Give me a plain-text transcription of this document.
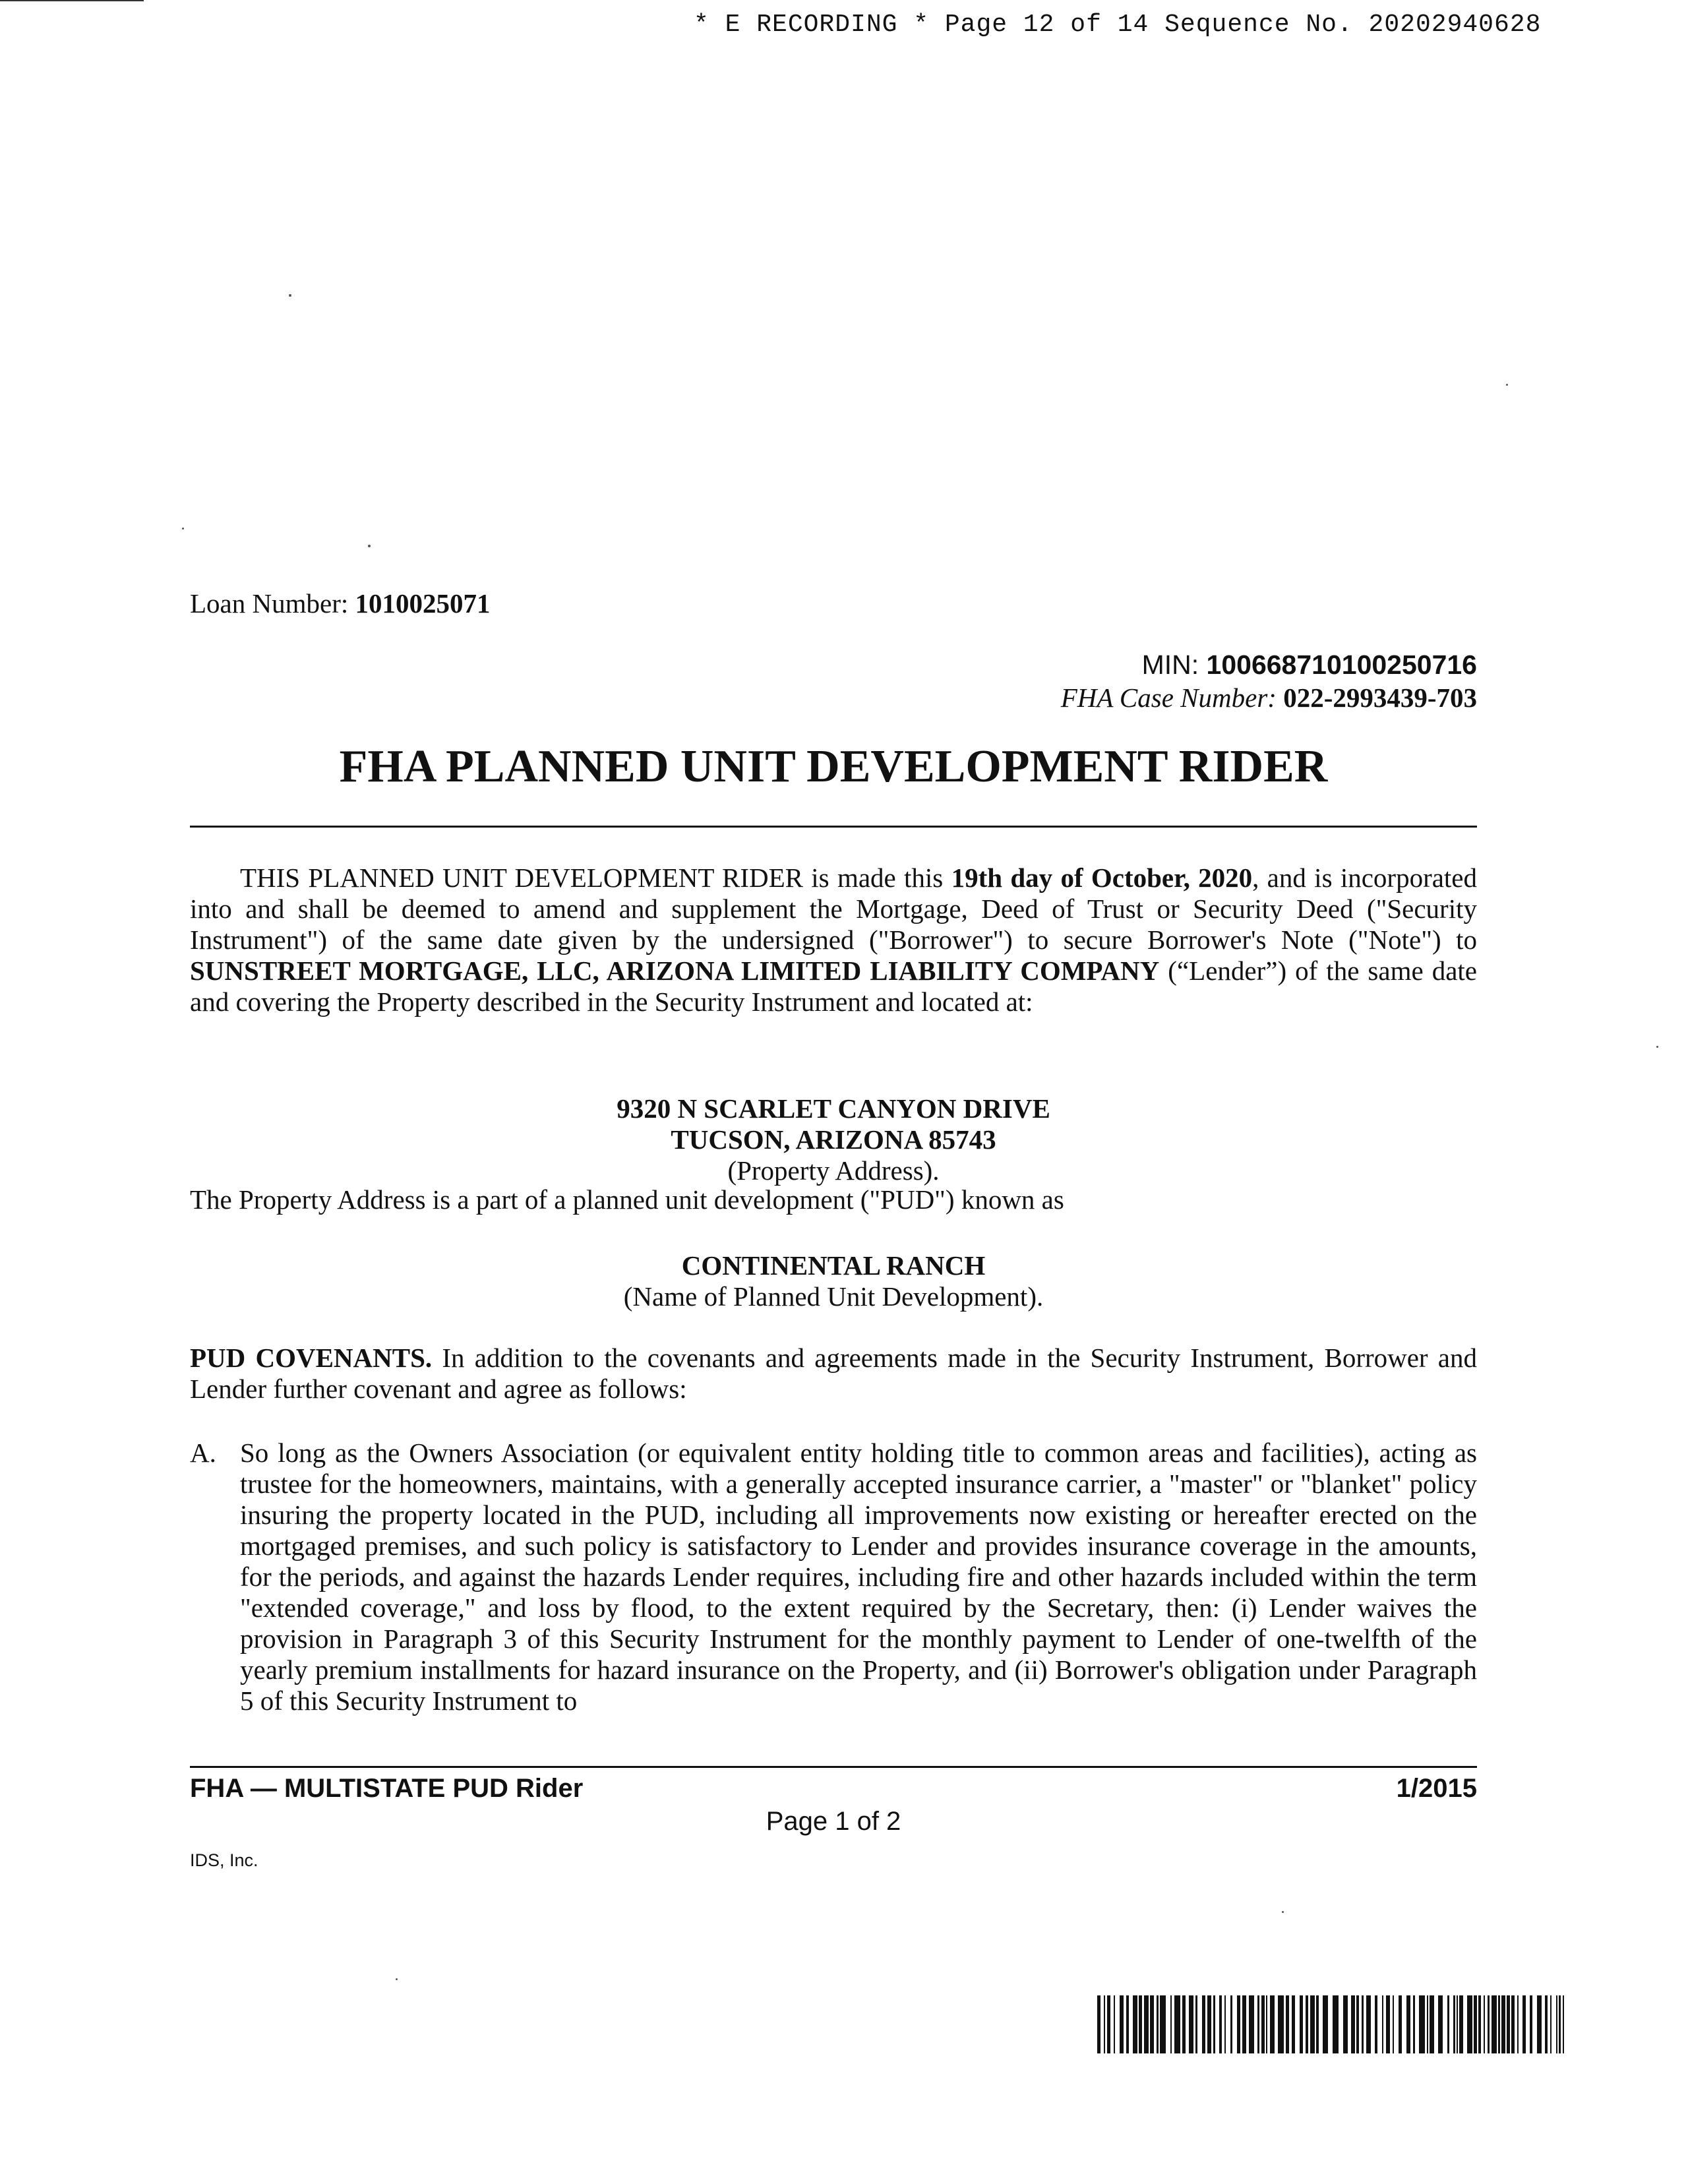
* E RECORDING * Page 12 of 14 Sequence No. 20202940628
Loan Number: 1010025071
MIN: 100668710100250716
FHA Case Number: 022-2993439-703
FHA PLANNED UNIT DEVELOPMENT RIDER
THIS PLANNED UNIT DEVELOPMENT RIDER is made this 19th day of October, 2020, and is incorporated into and shall be deemed to amend and supplement the Mortgage, Deed of Trust or Security Deed ("Security Instrument") of the same date given by the undersigned ("Borrower") to secure Borrower's Note ("Note") to SUNSTREET MORTGAGE, LLC, ARIZONA LIMITED LIABILITY COMPANY (“Lender”) of the same date and covering the Property described in the Security Instrument and located at:
9320 N SCARLET CANYON DRIVE
TUCSON, ARIZONA 85743
(Property Address).
The Property Address is a part of a planned unit development ("PUD") known as
CONTINENTAL RANCH
(Name of Planned Unit Development).
PUD COVENANTS. In addition to the covenants and agreements made in the Security Instrument, Borrower and Lender further covenant and agree as follows:
A. So long as the Owners Association (or equivalent entity holding title to common areas and facilities), acting as trustee for the homeowners, maintains, with a generally accepted insurance carrier, a "master" or "blanket" policy insuring the property located in the PUD, including all improvements now existing or hereafter erected on the mortgaged premises, and such policy is satisfactory to Lender and provides insurance coverage in the amounts, for the periods, and against the hazards Lender requires, including fire and other hazards included within the term "extended coverage," and loss by flood, to the extent required by the Secretary, then: (i) Lender waives the provision in Paragraph 3 of this Security Instrument for the monthly payment to Lender of one-twelfth of the yearly premium installments for hazard insurance on the Property, and (ii) Borrower's obligation under Paragraph 5 of this Security Instrument to
FHA — MULTISTATE PUD Rider	1/2015
Page 1 of 2
IDS, Inc.
